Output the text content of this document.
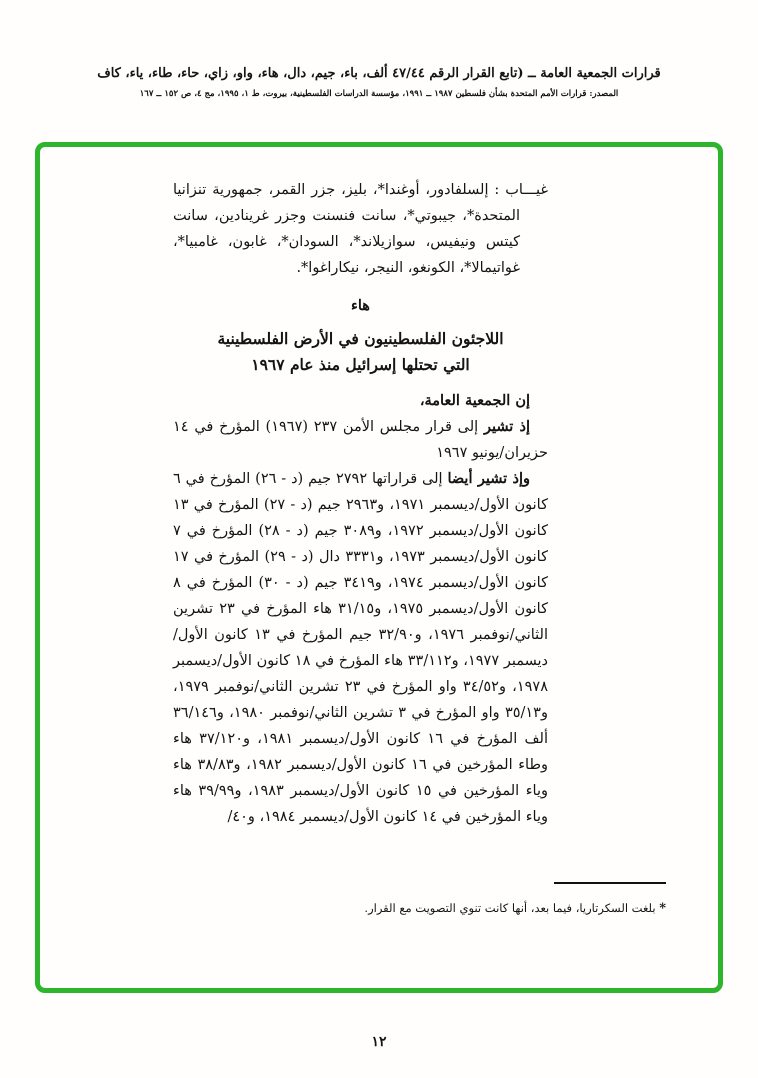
قرارات الجمعية العامة ــ (تابع القرار الرقم ٤٧/٤٤ ألف، باء، جيم، دال، هاء، واو، زاي، حاء، طاء، ياء، كاف
المصدر: قرارات الأمم المتحدة بشأن فلسطين ١٩٨٧ ــ ١٩٩١، مؤسسة الدراسات الفلسطينية، بيروت، ط ١، ١٩٩٥، مج ٤، ص ١٥٢ ــ ١٦٧

غيـــاب : إلسلفادور، أوغندا*، بليز، جزر القمر، جمهورية تنزانيا المتحدة*، جيبوتي*، سانت فنسنت وجزر غرينادين، سانت كيتس ونيفيس، سوازيلاند*، السودان*، غابون، غامبيا*، غواتيمالا*، الكونغو، النيجر، نيكاراغوا*.

هاء
اللاجئون الفلسطينيون في الأرض الفلسطينية
التي تحتلها إسرائيل منذ عام ١٩٦٧

إن الجمعية العامة،

إذ تشير إلى قرار مجلس الأمن ٢٣٧ (١٩٦٧) المؤرخ في ١٤ حزيران/يونيو ١٩٦٧

وإذ تشير أيضا إلى قراراتها ٢٧٩٢ جيم (د - ٢٦) المؤرخ في ٦ كانون الأول/ديسمبر ١٩٧١، و٢٩٦٣ جيم (د - ٢٧) المؤرخ في ١٣ كانون الأول/ديسمبر ١٩٧٢، و٣٠٨٩ جيم (د - ٢٨) المؤرخ في ٧ كانون الأول/ديسمبر ١٩٧٣، و٣٣٣١ دال (د - ٢٩) المؤرخ في ١٧ كانون الأول/ديسمبر ١٩٧٤، و٣٤١٩ جيم (د - ٣٠) المؤرخ في ٨ كانون الأول/ديسمبر ١٩٧٥، و٣١/١٥ هاء المؤرخ في ٢٣ تشرين الثاني/نوفمبر ١٩٧٦، و٣٢/٩٠ جيم المؤرخ في ١٣ كانون الأول/ديسمبر ١٩٧٧، و٣٣/١١٢ هاء المؤرخ في ١٨ كانون الأول/ديسمبر ١٩٧٨، و٣٤/٥٢ واو المؤرخ في ٢٣ تشرين الثاني/نوفمبر ١٩٧٩، و٣٥/١٣ واو المؤرخ في ٣ تشرين الثاني/نوفمبر ١٩٨٠، و٣٦/١٤٦ ألف المؤرخ في ١٦ كانون الأول/ديسمبر ١٩٨١، و٣٧/١٢٠ هاء وطاء المؤرخين في ١٦ كانون الأول/ديسمبر ١٩٨٢، و٣٨/٨٣ هاء وياء المؤرخين في ١٥ كانون الأول/ديسمبر ١٩٨٣، و٣٩/٩٩ هاء وياء المؤرخين في ١٤ كانون الأول/ديسمبر ١٩٨٤، و٤٠/

* بلغت السكرتاريا، فيما بعد، أنها كانت تنوي التصويت مع القرار.

١٢
